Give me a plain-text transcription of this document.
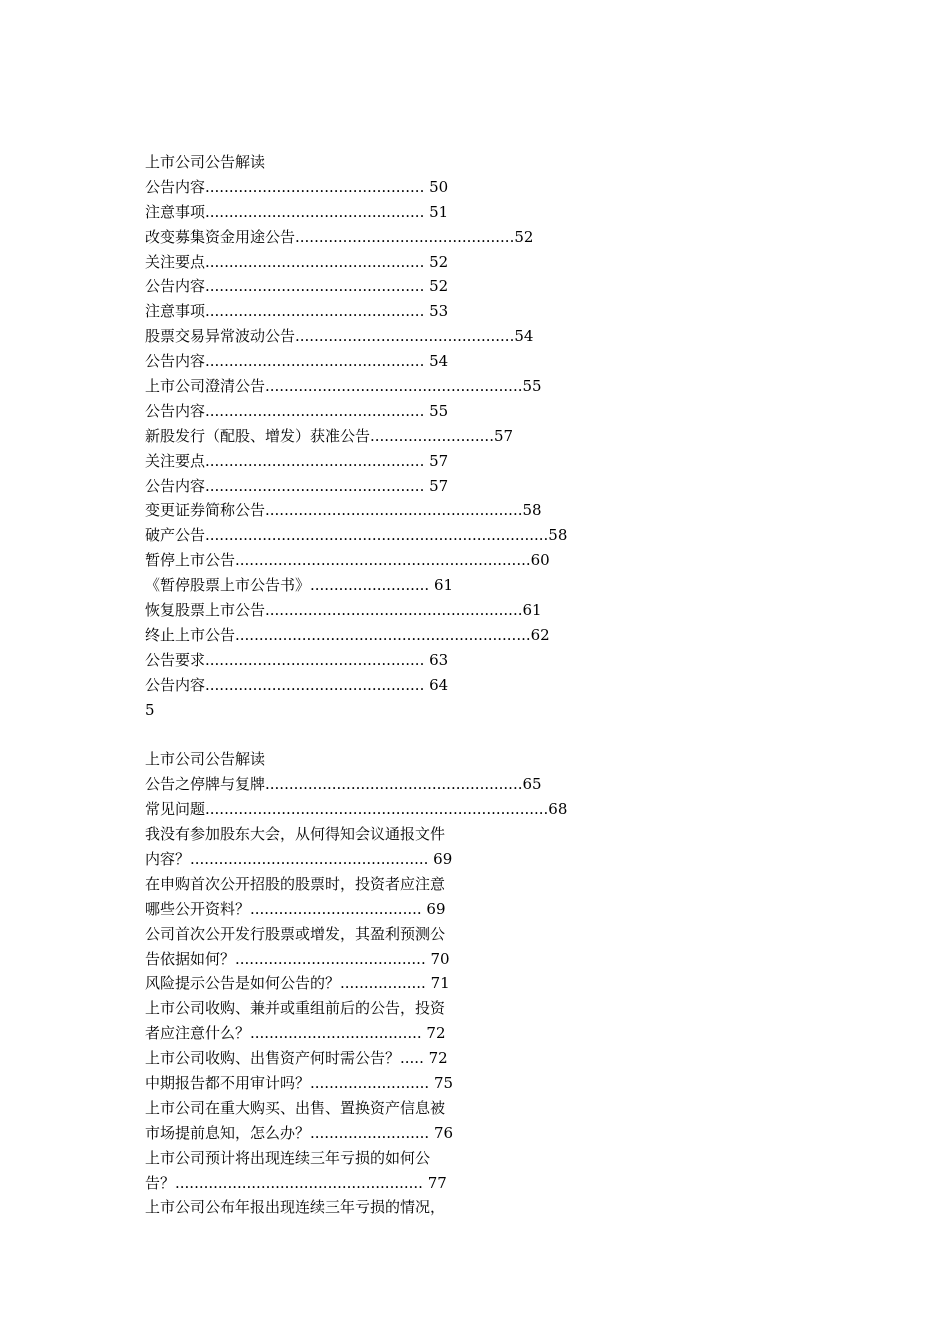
上市公司公告解读
公告内容.............................................. 50
注意事项.............................................. 51
改变募集资金用途公告..............................................52
关注要点.............................................. 52
公告内容.............................................. 52
注意事项.............................................. 53
股票交易异常波动公告..............................................54
公告内容.............................................. 54
上市公司澄清公告......................................................55
公告内容.............................................. 55
新股发行（配股、增发）获准公告..........................57
关注要点.............................................. 57
公告内容.............................................. 57
变更证券简称公告......................................................58
破产公告........................................................................58
暂停上市公告..............................................................60
《暂停股票上市公告书》......................... 61
恢复股票上市公告......................................................61
终止上市公告..............................................................62
公告要求.............................................. 63
公告内容.............................................. 64
5
上市公司公告解读
公告之停牌与复牌......................................................65
常见问题........................................................................68
我没有参加股东大会，从何得知会议通报文件
内容？.................................................. 69
在申购首次公开招股的股票时，投资者应注意
哪些公开资料？.................................... 69
公司首次公开发行股票或增发，其盈利预测公
告依据如何？........................................ 70
风险提示公告是如何公告的？.................. 71
上市公司收购、兼并或重组前后的公告，投资
者应注意什么？.................................... 72
上市公司收购、出售资产何时需公告？..... 72
中期报告都不用审计吗？......................... 75
上市公司在重大购买、出售、置换资产信息被
市场提前息知，怎么办？......................... 76
上市公司预计将出现连续三年亏损的如何公
告？.................................................... 77
上市公司公布年报出现连续三年亏损的情况，
